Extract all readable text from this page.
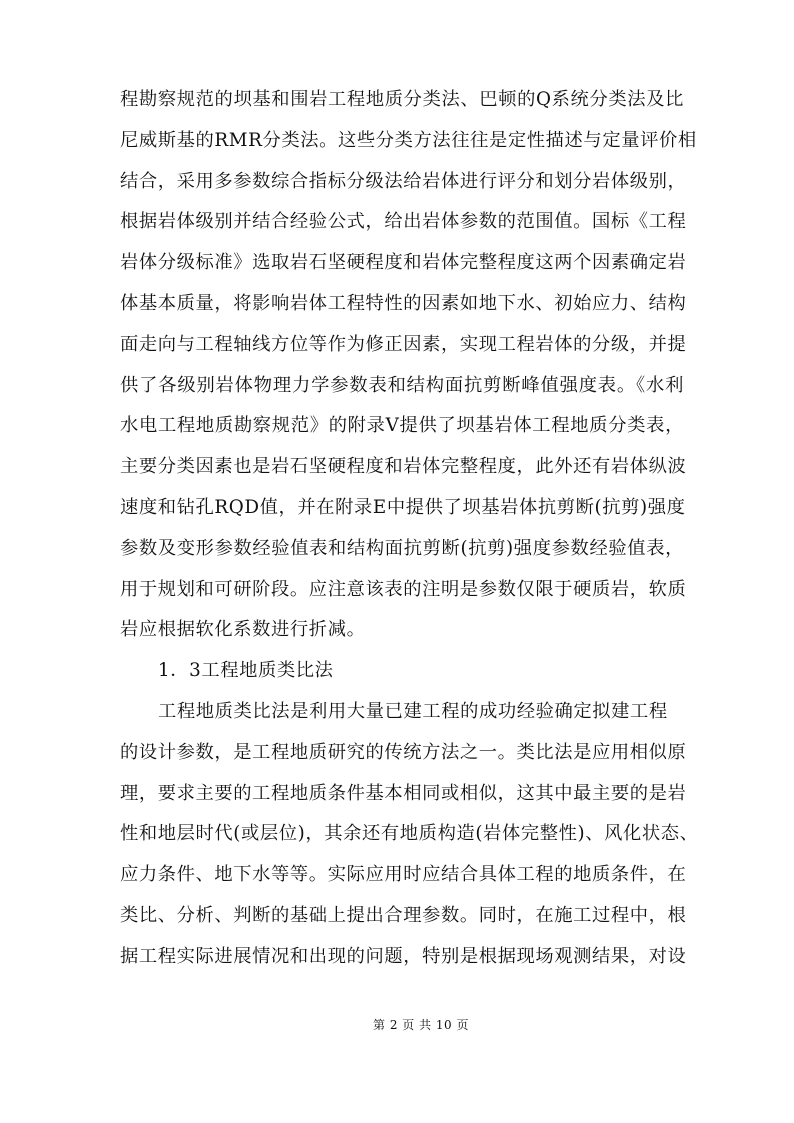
程勘察规范的坝基和围岩工程地质分类法、巴顿的Q系统分类法及比
尼威斯基的RMR分类法。这些分类方法往往是定性描述与定量评价相
结合，采用多参数综合指标分级法给岩体进行评分和划分岩体级别，
根据岩体级别并结合经验公式，给出岩体参数的范围值。国标《工程
岩体分级标准》选取岩石坚硬程度和岩体完整程度这两个因素确定岩
体基本质量，将影响岩体工程特性的因素如地下水、初始应力、结构
面走向与工程轴线方位等作为修正因素，实现工程岩体的分级，并提
供了各级别岩体物理力学参数表和结构面抗剪断峰值强度表。《水利
水电工程地质勘察规范》的附录V提供了坝基岩体工程地质分类表，
主要分类因素也是岩石坚硬程度和岩体完整程度，此外还有岩体纵波
速度和钻孔RQD值，并在附录E中提供了坝基岩体抗剪断(抗剪)强度
参数及变形参数经验值表和结构面抗剪断(抗剪)强度参数经验值表，
用于规划和可研阶段。应注意该表的注明是参数仅限于硬质岩，软质
岩应根据软化系数进行折减。
1．3工程地质类比法
工程地质类比法是利用大量已建工程的成功经验确定拟建工程
的设计参数，是工程地质研究的传统方法之一。类比法是应用相似原
理，要求主要的工程地质条件基本相同或相似，这其中最主要的是岩
性和地层时代(或层位)，其余还有地质构造(岩体完整性)、风化状态、
应力条件、地下水等等。实际应用时应结合具体工程的地质条件，在
类比、分析、判断的基础上提出合理参数。同时，在施工过程中，根
据工程实际进展情况和出现的问题，特别是根据现场观测结果，对设
第 2 页 共 10 页
